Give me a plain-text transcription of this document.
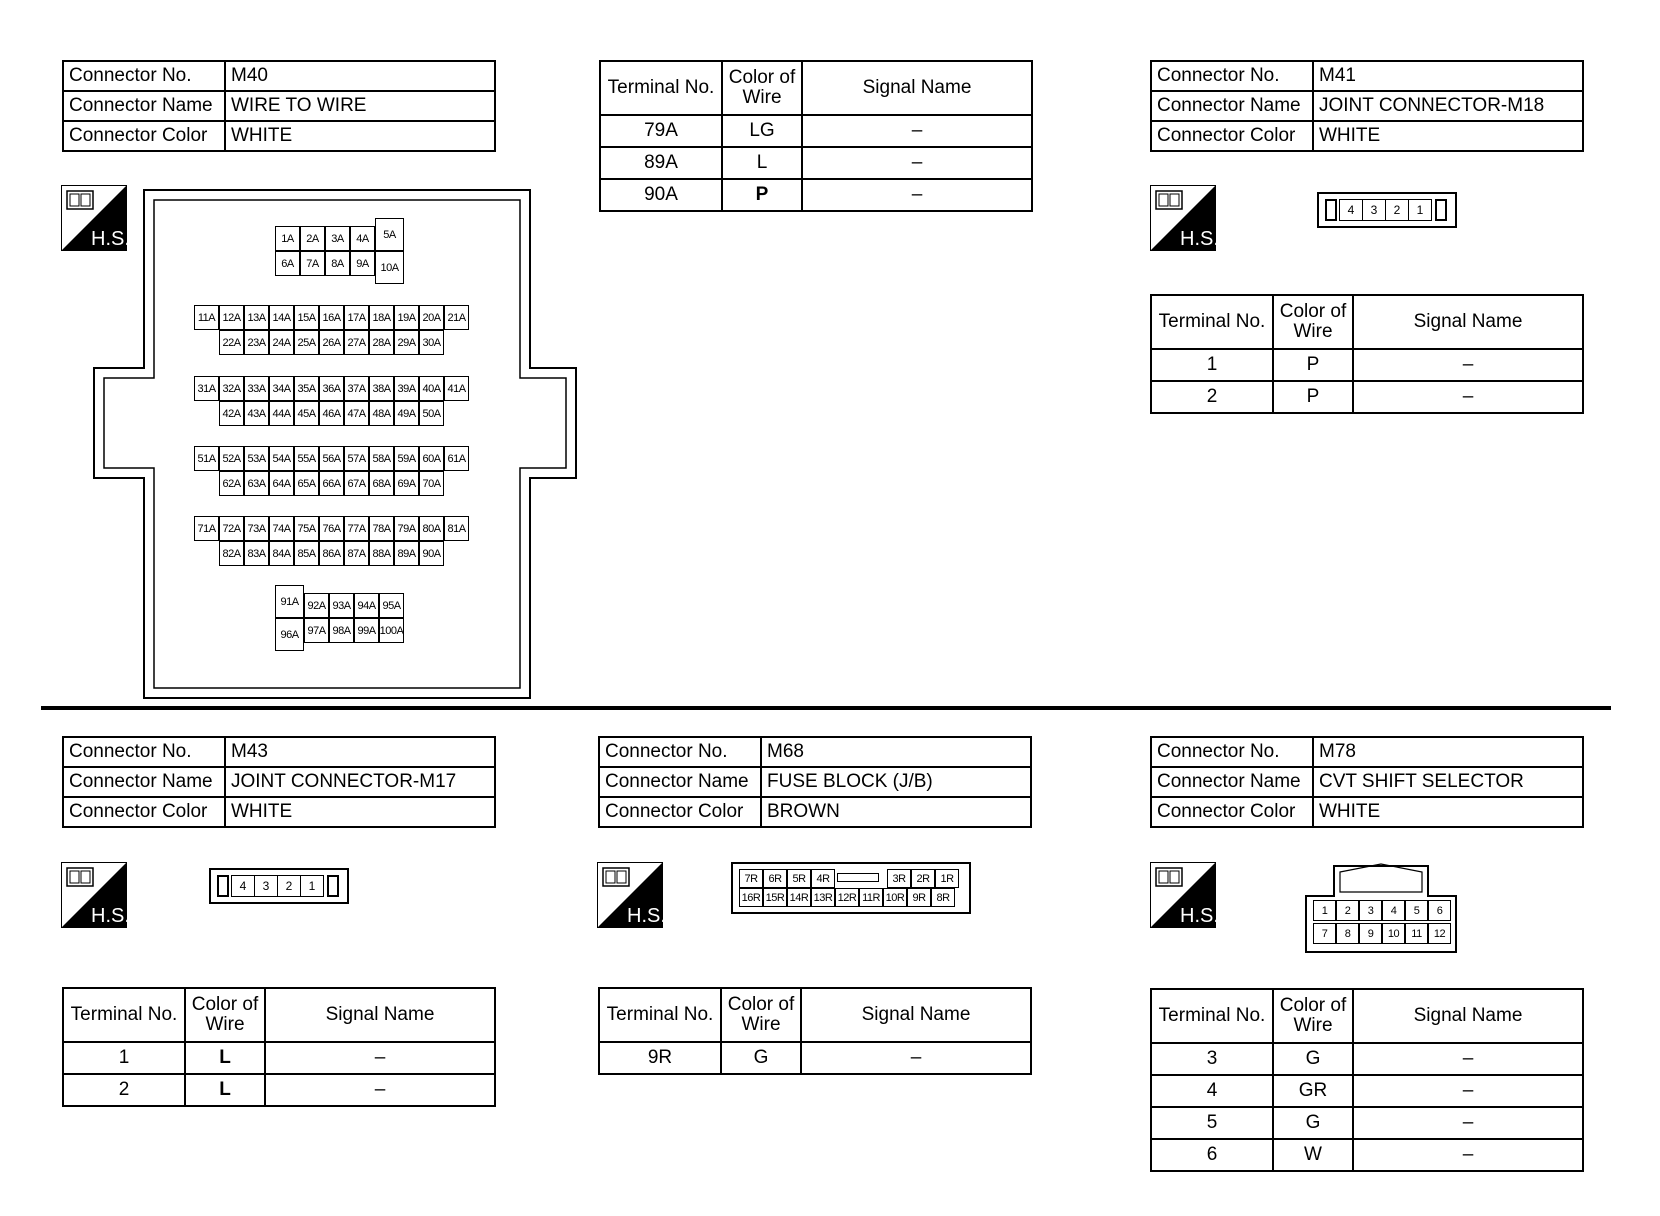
Connector No.	M40
Connector Name	WIRE TO WIRE
Connector Color	WHITE
H.S.	1A	2A	3A	4A
6A	7A	8A	9A
5A
10A
11A 12A 13A 14A 15A 16A 17A 18A 19A 20A 21A
22A 23A 24A 25A 26A 27A 28A 29A 30A
31A 32A 33A 34A 35A 36A 37A 38A 39A 40A 41A
42A 43A 44A 45A 46A 47A 48A 49A 50A
51A 52A 53A 54A 55A 56A 57A 58A 59A 60A 61A
62A 63A 64A 65A 66A 67A 68A 69A 70A
71A 72A 73A 74A 75A 76A 77A 78A 79A 80A 81A
82A 83A 84A 85A 86A 87A 88A 89A 90A
91A
96A
92A 93A 94A 95A
97A 98A 99A 100A
Terminal No.	Color of
Wire	Signal Name
79A	LG	–
89A	L	–
90A	P	–
Connector No.	M41
Connector Name	JOINT CONNECTOR-M18
Connector Color	WHITE
H.S.
4	3	2	1
Terminal No.	Color of
Wire	Signal Name
1	P	–
2	P	–
Connector No.	M43
Connector Name	JOINT CONNECTOR-M17
Connector Color	WHITE
H.S.
4	3	2	1
Terminal No.	Color of
Wire	Signal Name
1	L	–
2	L	–
Connector No.	M68
Connector Name	FUSE BLOCK (J/B)
Connector Color	BROWN
H.S.
7R 6R 5R 4R	3R 2R 1R
16R 15R 14R 13R 12R 11R 10R 9R 8R
Terminal No.	Color of
Wire	Signal Name
9R	G	–
Connector No.	M78
Connector Name	CVT SHIFT SELECTOR
Connector Color	WHITE
H.S.	1	2	3	4	5	6
7	8	9	10	11	12
Terminal No.	Color of
Wire	Signal Name
3	G	–
4	GR	–
5	G	–
6	W	–
